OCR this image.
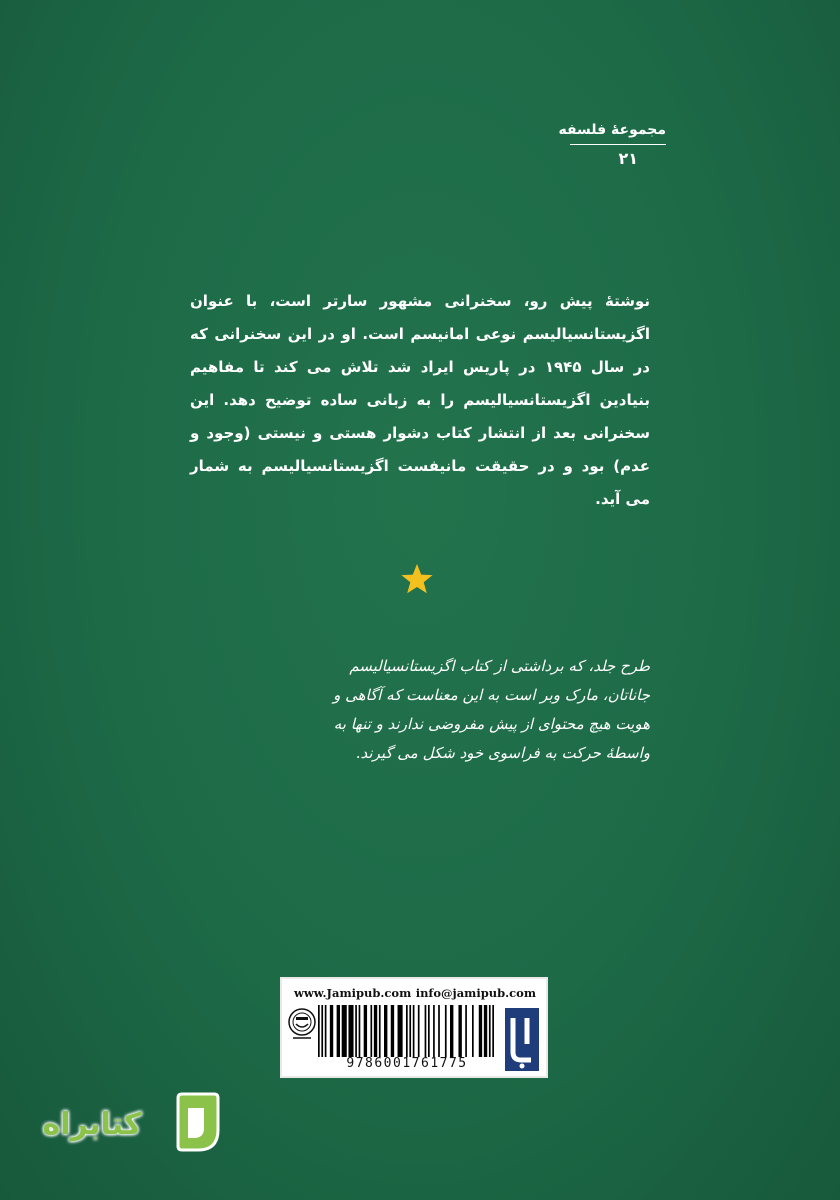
مجموعهٔ فلسفه
۲۱

نوشتهٔ پیش رو، سخنرانی مشهور سارتر است، با عنوان اگزیستانسیالیسم نوعی امانیسم است. او در این سخنرانی که در سال ۱۹۴۵ در پاریس ایراد شد تلاش می کند تا مفاهیم بنیادین اگزیستانسیالیسم را به زبانی ساده توضیح دهد. این سخنرانی بعد از انتشار کتاب دشوار هستی و نیستی (وجود و عدم) بود و در حقیقت مانیفست اگزیستانسیالیسم به شمار می آید.

طرح جلد، که برداشتی از کتاب اگزیستانسیالیسم جاناتان، مارک وبر است به این معناست که آگاهی و هویت هیچ محتوای از پیش مفروضی ندارند و تنها به واسطهٔ حرکت به فراسوی خود شکل می گیرند.

www.Jamipub.com info@jamipub.com
9786001761775
کتابراه
